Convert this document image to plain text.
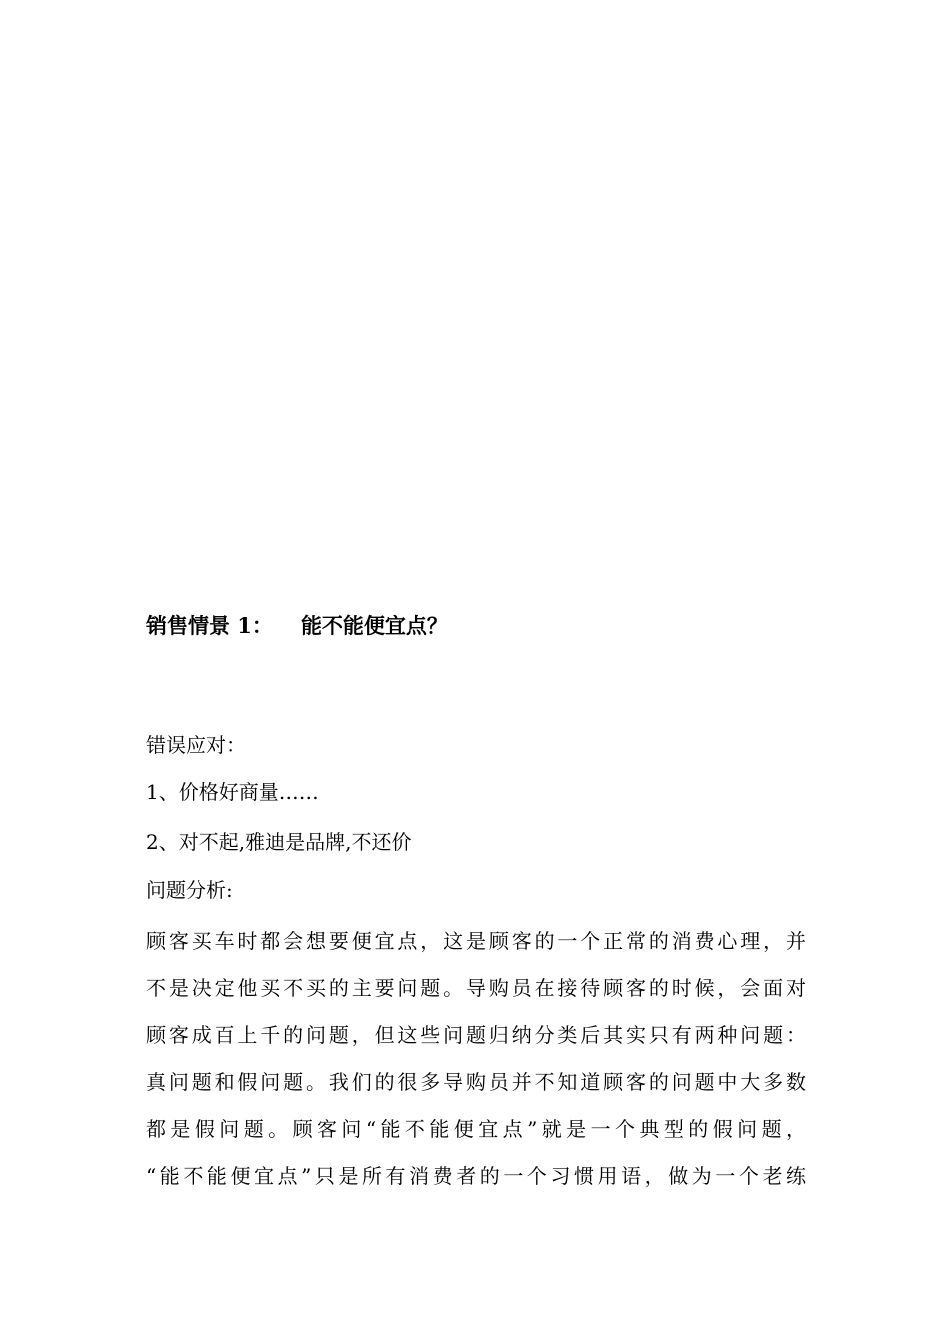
销售情景 1： 能不能便宜点？
错误应对：
1、价格好商量……
2、对不起,雅迪是品牌,不还价
问题分析:
顾客买车时都会想要便宜点，这是顾客的一个正常的消费心理，并
不是决定他买不买的主要问题。导购员在接待顾客的时候，会面对
顾客成百上千的问题，但这些问题归纳分类后其实只有两种问题：
真问题和假问题。我们的很多导购员并不知道顾客的问题中大多数
都是假问题。顾客问“能不能便宜点”就是一个典型的假问题，
“能不能便宜点”只是所有消费者的一个习惯用语，做为一个老练
